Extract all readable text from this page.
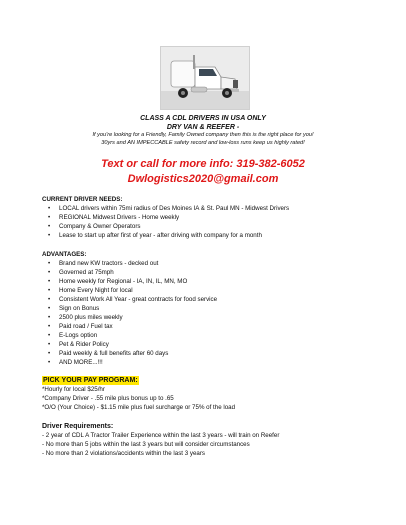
CLASS A CDL DRIVERS IN USA ONLY
DRY VAN & REEFER -
If you're looking for a Friendly, Family Owned company then this is the right place for you!
30yrs and AN IMPECCABLE safety record and low-loss runs keep us highly rated!
Text or call for more info: 319-382-6052
Dwlogistics2020@gmail.com
CURRENT DRIVER NEEDS:
• LOCAL drivers within 75mi radius of Des Moines IA & St. Paul MN - Midwest Drivers
• REGIONAL Midwest Drivers - Home weekly
• Company & Owner Operators
• Lease to start up after first of year - after driving with company for a month
ADVANTAGES:
• Brand new KW tractors - decked out
• Governed at 75mph
• Home weekly for Regional - IA, IN, IL, MN, MO
• Home Every Night for local
• Consistent Work All Year - great contracts for food service
• Sign on Bonus
• 2500 plus miles weekly
• Paid road / Fuel tax
• E-Logs option
• Pet & Rider Policy
• Paid weekly & full benefits after 60 days
• AND MORE...!!!
PICK YOUR PAY PROGRAM:
*Hourly for local $25/hr
*Company Driver - .55 mile plus bonus up to .65
*O/O (Your Choice) - $1.15 mile plus fuel surcharge or 75% of the load
Driver Requirements:
- 2 year of CDL A Tractor Trailer Experience within the last 3 years - will train on Reefer
- No more than 5 jobs within the last 3 years but will consider circumstances
- No more than 2 violations/accidents within the last 3 years
